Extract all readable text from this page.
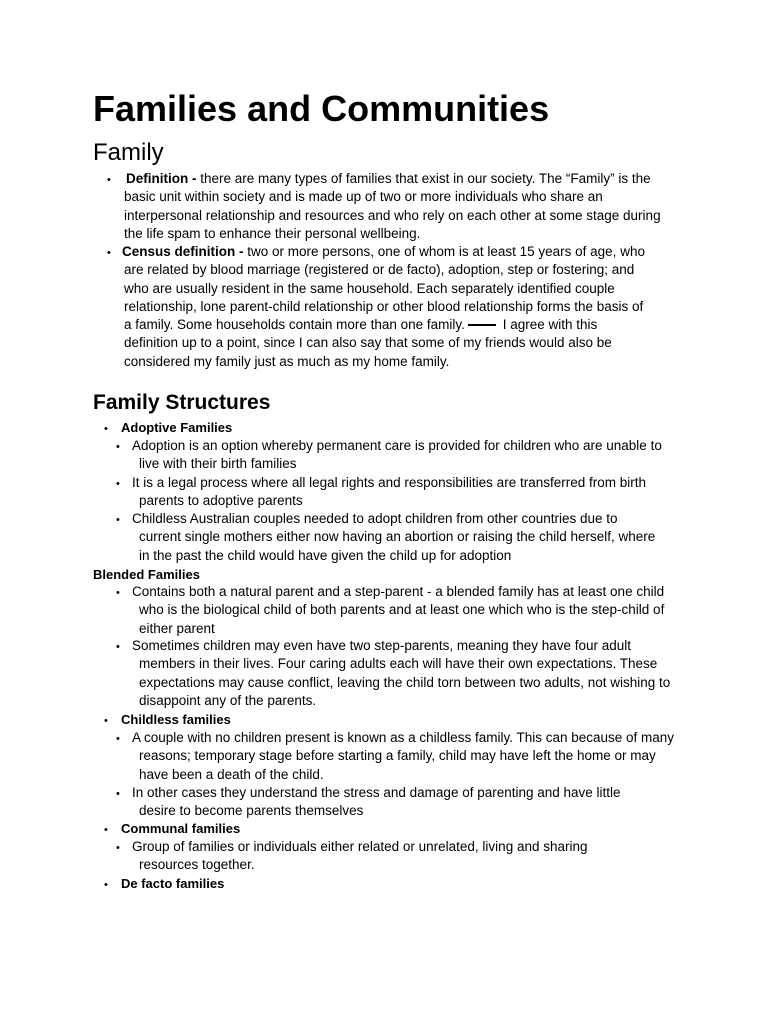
Families and Communities
Family
• Definition - there are many types of families that exist in our society. The “Family” is the basic unit within society and is made up of two or more individuals who share an interpersonal relationship and resources and who rely on each other at some stage during the life spam to enhance their personal wellbeing.

• Census definition - two or more persons, one of whom is at least 15 years of age, who are related by blood marriage (registered or de facto), adoption, step or fostering; and who are usually resident in the same household. Each separately identified couple relationship, lone parent-child relationship or other blood relationship forms the basis of a family. Some households contain more than one family.	I agree with this definition up to a point, since I can also say that some of my friends would also be considered my family just as much as my home family.

Family Structures
• Adoptive Families
• Adoption is an option whereby permanent care is provided for children who are unable to live with their birth families

• It is a legal process where all legal rights and responsibilities are transferred from birth parents to adoptive parents

• Childless Australian couples needed to adopt children from other countries due to current single mothers either now having an abortion or raising the child herself, where in the past the child would have given the child up for adoption

Blended Families
• Contains both a natural parent and a step-parent - a blended family has at least one child who is the biological child of both parents and at least one which who is the step-child of either parent

• Sometimes children may even have two step-parents, meaning they have four adult members in their lives. Four caring adults each will have their own expectations. These expectations may cause conflict, leaving the child torn between two adults, not wishing to disappoint any of the parents.

• Childless families
• A couple with no children present is known as a childless family. This can because of many reasons; temporary stage before starting a family, child may have left the home or may have been a death of the child.

• In other cases they understand the stress and damage of parenting and have little desire to become parents themselves

• Communal families
• Group of families or individuals either related or unrelated, living and sharing resources together.

• De facto families
